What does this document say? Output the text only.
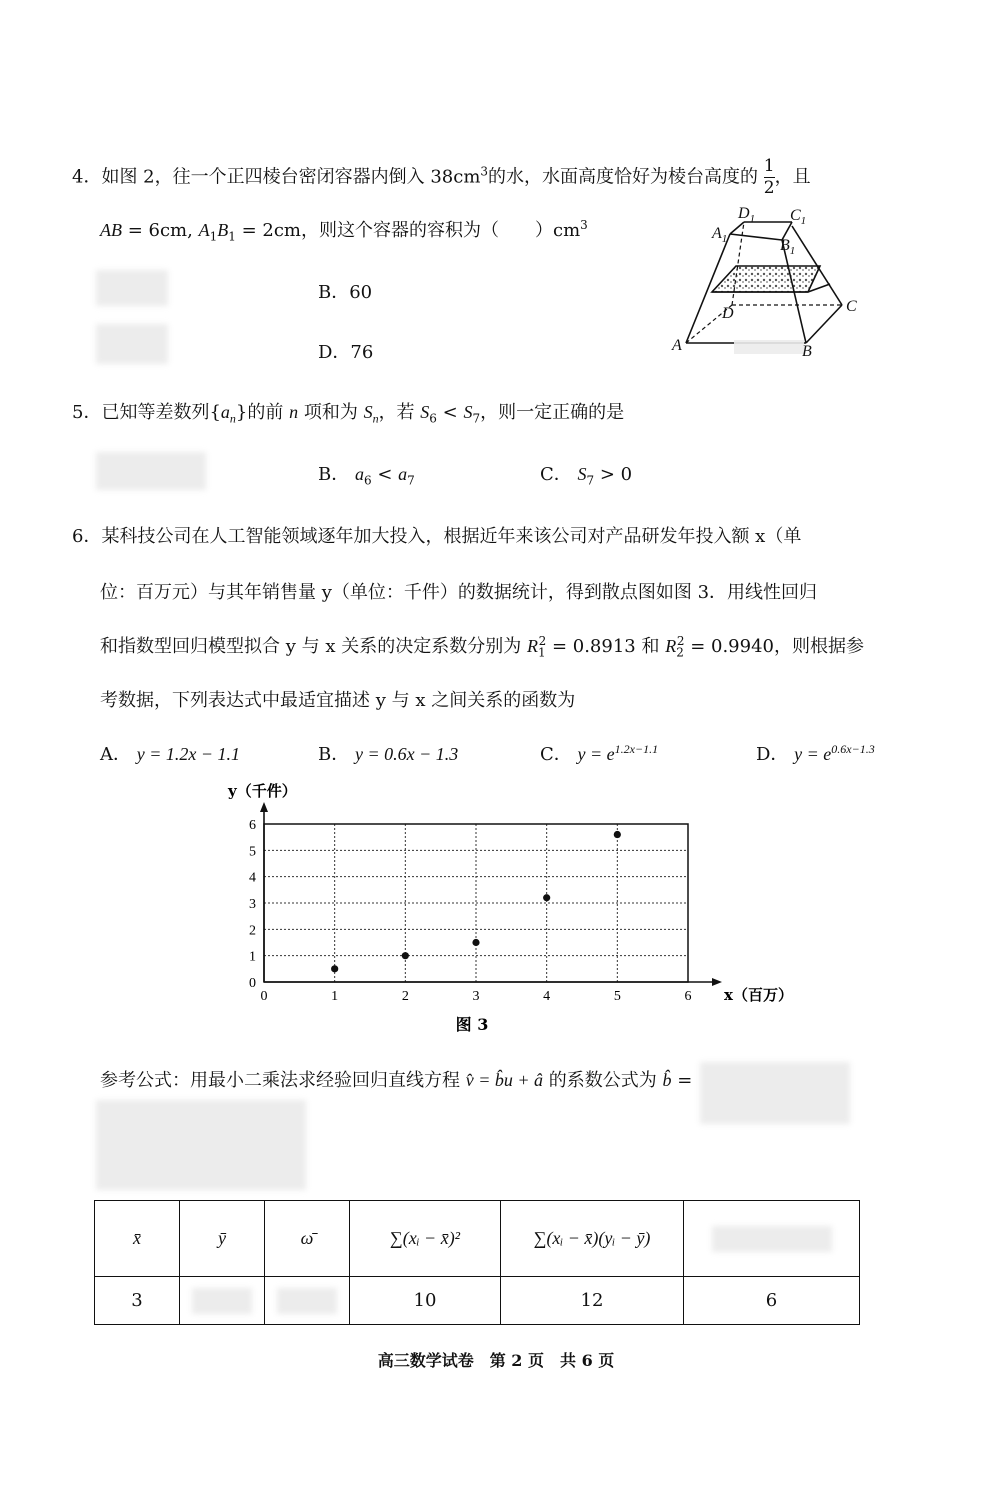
4．如图 2，往一个正四棱台密闭容器内倒入 $38cm^3$的水，水面高度恰好为棱台高度的 $\frac{1}{2}$ ，且
AB = 6cm, $A_1B_1 = 2cm$，则这个容器的容积为（　　）$cm^3$
B．60
D．76	A	B
C
D
$A_1$	$B_1$
$C_1$
$D_1$
5．已知等差数列$\{a_n\}$的前 n 项和为 $S_n$，若 $S_6 < S_7$，则一定正确的是
B． $a_6 < a_7$	C． $S_7 > 0$
6．某科技公司在人工智能领域逐年加大投入，根据近年来该公司对产品研发年投入额 x（单
位：百万元）与其年销售量 y（单位：千件）的数据统计，得到散点图如图 3．用线性回归
和指数型回归模型拟合 y 与 x 关系的决定系数分别为 $R_1^2 = 0.8913$ 和 $R_2^2 = 0.9940$，则根据参
考数据，下列表达式中最适宜描述 y 与 x 之间关系的函数为
A． y = 1.2x − 1.1	B． y = 0.6x − 1.3	C． $y = e^{1.2x-1.1}$	D． $y = e^{0.6x-1.3}$
0	1	2	3	4	5	6
1
2
3
4
5
6
0
y（千件）
x（百万）
图 3
参考公式：用最小二乘法求经验回归直线方程 v̂ = b̂u + â 的系数公式为 b̂ =
x̄	ȳ	ω̄	∑(xᵢ − x̄)²	∑(xᵢ − x̄)(yᵢ − ȳ)	

3			10	12	6
高三数学试卷　第 2 页　共 6 页
